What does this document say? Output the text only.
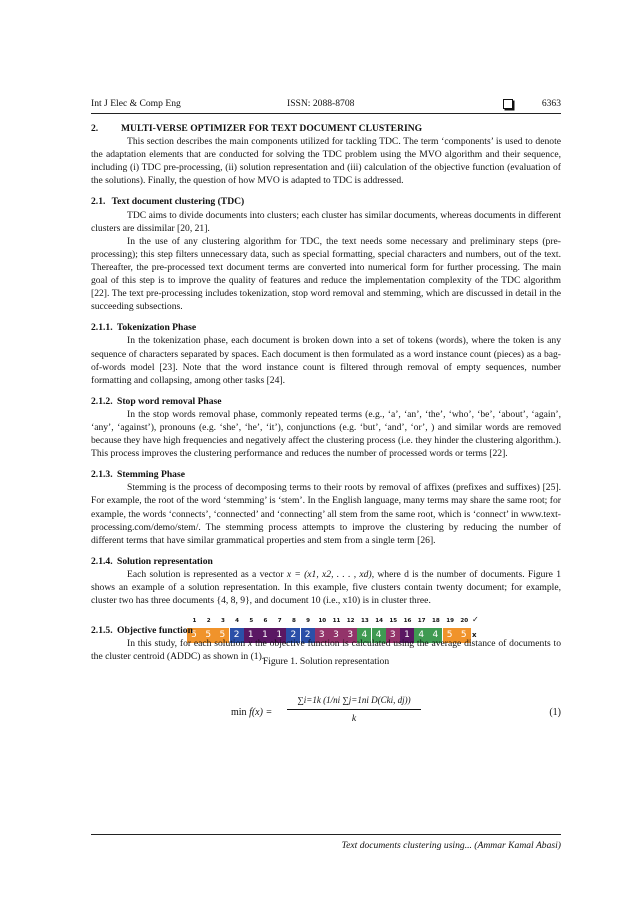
Int J Elec & Comp Eng	ISSN: 2088-8708	6363
2. MULTI-VERSE OPTIMIZER FOR TEXT DOCUMENT CLUSTERING

This section describes the main components utilized for tackling TDC. The term ‘components’ is used to denote the adaptation elements that are conducted for solving the TDC problem using the MVO algorithm and their sequence, including (i) TDC pre-processing, (ii) solution representation and (iii) calculation of the objective function (evaluation of the solutions). Finally, the question of how MVO is adapted to TDC is addressed.

2.1. Text document clustering (TDC)

TDC aims to divide documents into clusters; each cluster has similar documents, whereas documents in different clusters are dissimilar [20, 21].

In the use of any clustering algorithm for TDC, the text needs some necessary and preliminary steps (pre-processing); this step filters unnecessary data, such as special formatting, special characters and numbers, out of the text. Thereafter, the pre-processed text document terms are converted into numerical form for further processing. The main goal of this step is to improve the quality of features and reduce the implementation complexity of the TDC algorithm [22]. The text pre-processing includes tokenization, stop word removal and stemming, which are discussed in detail in the succeeding subsections.

2.1.1. Tokenization Phase

In the tokenization phase, each document is broken down into a set of tokens (words), where the token is any sequence of characters separated by spaces. Each document is then formulated as a word instance count (pieces) as a bag-of-words model [23]. Note that the word instance count is filtered through removal of empty sequences, number formatting and collapsing, among other tasks [24].

2.1.2. Stop word removal Phase

In the stop words removal phase, commonly repeated terms (e.g., ‘a’, ‘an’, ‘the’, ‘who’, ‘be’, ‘about’, ‘again’, ‘any’, ‘against’), pronouns (e.g. ‘she’, ‘he’, ‘it’), conjunctions (e.g. ‘but’, ‘and’, ‘or’, ) and similar words are removed because they have high frequencies and negatively affect the clustering process (i.e. they hinder the clustering algorithm.). This process improves the clustering performance and reduces the number of processed words or terms [22].

2.1.3. Stemming Phase

Stemming is the process of decomposing terms to their roots by removal of affixes (prefixes and suffixes) [25]. For example, the root of the word ‘stemming’ is ‘stem’. In the English language, many terms may share the same root; for example, the words ‘connects’, ‘connected’ and ‘connecting’ all stem from the same root, which is ‘connect’ in www.text-processing.com/demo/stem/. The stemming process attempts to improve the clustering by reducing the number of different terms that have similar grammatical properties and stem from a single term [26].

2.1.4. Solution representation

Each solution is represented as a vector x = (x1, x2, . . . , xd), where d is the number of documents. Figure 1 shows an example of a solution representation. In this example, five clusters contain twenty document; for example, cluster two has three documents {4, 8, 9}, and document 10 (i.e., x10) is in cluster three.

1	2	3	4	5	6	7	8	9	10	11	12	13	14	15	16	17	18	19	20
5 5 5 2 1 1 1 2 2 3 3 3 4 4 3 1 4 4 5 5
✓
x
Figure 1. Solution representation
2.1.5. Objective function

In this study, for each solution x the objective function is calculated using the average distance of documents to the cluster centroid (ADDC) as shown in (1).

min f(x) =
∑i=1k (1/ni ∑j=1ni D(Cki, dj))
k
(1)
Text documents clustering using... (Ammar Kamal Abasi)
